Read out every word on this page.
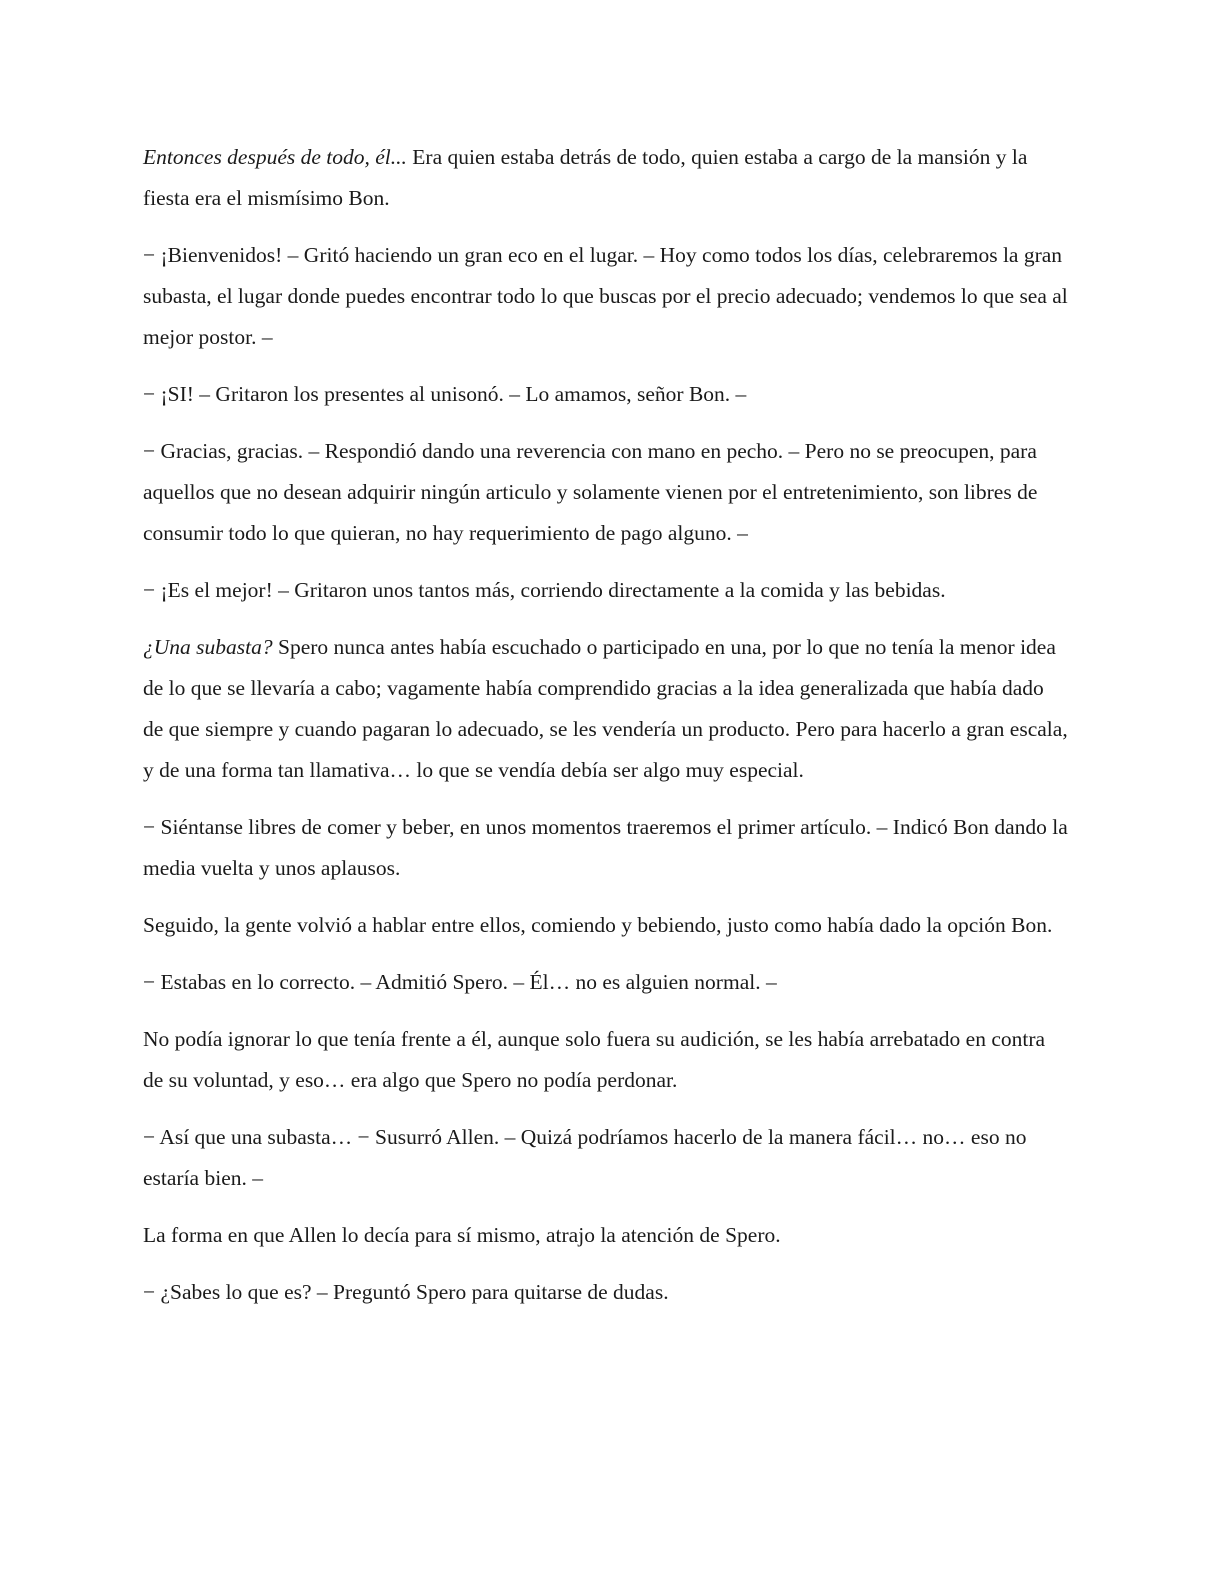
Entonces después de todo, él... Era quien estaba detrás de todo, quien estaba a cargo de la mansión y la fiesta era el mismísimo Bon.

− ¡Bienvenidos! – Gritó haciendo un gran eco en el lugar. – Hoy como todos los días, celebraremos la gran subasta, el lugar donde puedes encontrar todo lo que buscas por el precio adecuado; vendemos lo que sea al mejor postor. –

− ¡SI! – Gritaron los presentes al unisonó. – Lo amamos, señor Bon. –

− Gracias, gracias. – Respondió dando una reverencia con mano en pecho. – Pero no se preocupen, para aquellos que no desean adquirir ningún articulo y solamente vienen por el entretenimiento, son libres de consumir todo lo que quieran, no hay requerimiento de pago alguno. –

− ¡Es el mejor! – Gritaron unos tantos más, corriendo directamente a la comida y las bebidas.

¿Una subasta? Spero nunca antes había escuchado o participado en una, por lo que no tenía la menor idea de lo que se llevaría a cabo; vagamente había comprendido gracias a la idea generalizada que había dado de que siempre y cuando pagaran lo adecuado, se les vendería un producto. Pero para hacerlo a gran escala, y de una forma tan llamativa… lo que se vendía debía ser algo muy especial.

− Siéntanse libres de comer y beber, en unos momentos traeremos el primer artículo. – Indicó Bon dando la media vuelta y unos aplausos.

Seguido, la gente volvió a hablar entre ellos, comiendo y bebiendo, justo como había dado la opción Bon.

− Estabas en lo correcto. – Admitió Spero. – Él… no es alguien normal. –

No podía ignorar lo que tenía frente a él, aunque solo fuera su audición, se les había arrebatado en contra de su voluntad, y eso… era algo que Spero no podía perdonar.

− Así que una subasta… − Susurró Allen. – Quizá podríamos hacerlo de la manera fácil… no… eso no estaría bien. –

La forma en que Allen lo decía para sí mismo, atrajo la atención de Spero.

− ¿Sabes lo que es? – Preguntó Spero para quitarse de dudas.
